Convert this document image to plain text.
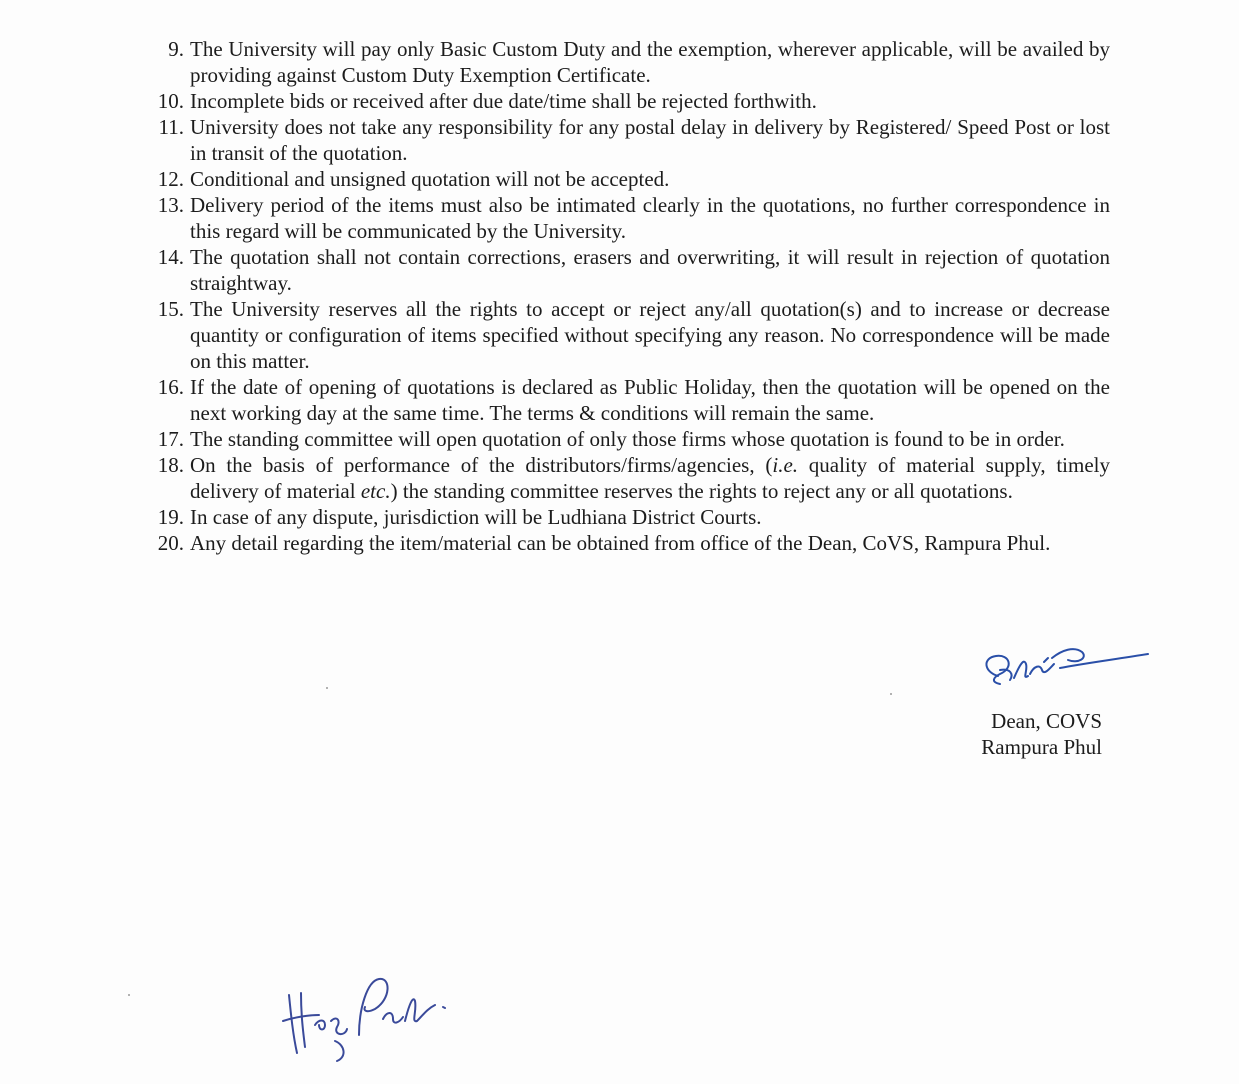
9. The University will pay only Basic Custom Duty and the exemption, wherever applicable, will be availed by providing against Custom Duty Exemption Certificate.
10. Incomplete bids or received after due date/time shall be rejected forthwith.
11. University does not take any responsibility for any postal delay in delivery by Registered/ Speed Post or lost in transit of the quotation.
12. Conditional and unsigned quotation will not be accepted.
13. Delivery period of the items must also be intimated clearly in the quotations, no further correspondence in this regard will be communicated by the University.
14. The quotation shall not contain corrections, erasers and overwriting, it will result in rejection of quotation straightway.
15. The University reserves all the rights to accept or reject any/all quotation(s) and to increase or decrease quantity or configuration of items specified without specifying any reason. No correspondence will be made on this matter.
16. If the date of opening of quotations is declared as Public Holiday, then the quotation will be opened on the next working day at the same time. The terms & conditions will remain the same.
17. The standing committee will open quotation of only those firms whose quotation is found to be in order.
18. On the basis of performance of the distributors/firms/agencies, (i.e. quality of material supply, timely delivery of material etc.) the standing committee reserves the rights to reject any or all quotations.
19. In case of any dispute, jurisdiction will be Ludhiana District Courts.
20. Any detail regarding the item/material can be obtained from office of the Dean, CoVS, Rampura Phul.
Dean, COVS
Rampura Phul
